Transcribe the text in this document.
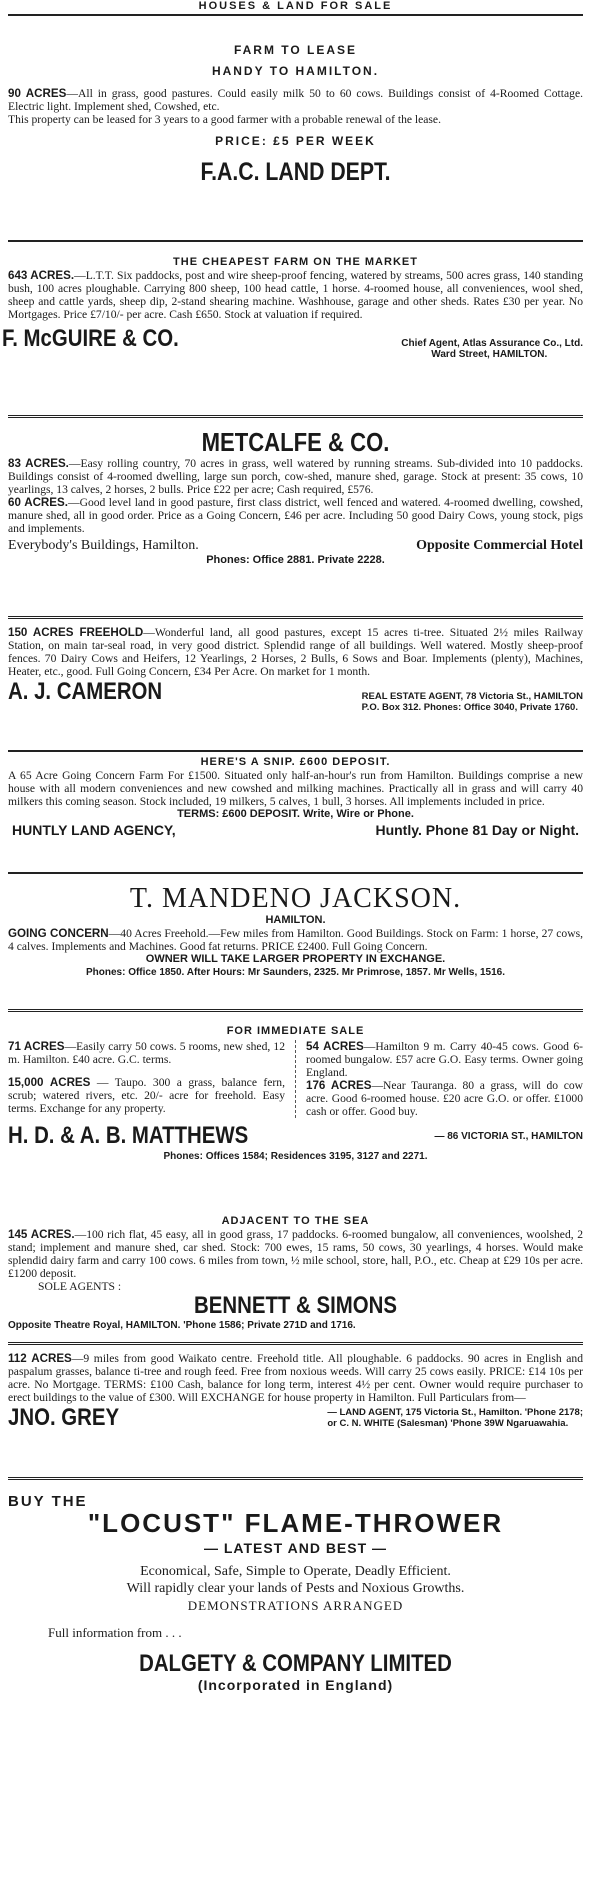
HOUSES & LAND FOR SALE
FARM TO LEASE
HANDY TO HAMILTON.
90 ACRES—All in grass, good pastures. Could easily milk 50 to 60 cows. Buildings consist of 4-Roomed Cottage. Electric light. Implement shed, Cowshed, etc.
This property can be leased for 3 years to a good farmer with a probable renewal of the lease.
PRICE: £5 PER WEEK
F.A.C. LAND DEPT.
THE CHEAPEST FARM ON THE MARKET
643 ACRES.—L.T.T. Six paddocks, post and wire sheep-proof fencing, watered by streams, 500 acres grass, 140 standing bush, 100 acres ploughable. Carrying 800 sheep, 100 head cattle, 1 horse. 4-roomed house, all conveniences, wool shed, sheep and cattle yards, sheep dip, 2-stand shearing machine. Washhouse, garage and other sheds. Rates £30 per year. No Mortgages. Price £7/10/- per acre. Cash £650. Stock at valuation if required.
F. McGUIRE & CO.	Chief Agent, Atlas Assurance Co., Ltd.
Ward Street, HAMILTON.
METCALFE & CO.
83 ACRES.—Easy rolling country, 70 acres in grass, well watered by running streams. Sub-divided into 10 paddocks. Buildings consist of 4-roomed dwelling, large sun porch, cow-shed, manure shed, garage. Stock at present: 35 cows, 10 yearlings, 13 calves, 2 horses, 2 bulls. Price £22 per acre; Cash required, £576.
60 ACRES.—Good level land in good pasture, first class district, well fenced and watered. 4-roomed dwelling, cowshed, manure shed, all in good order. Price as a Going Concern, £46 per acre. Including 50 good Dairy Cows, young stock, pigs and implements.
Everybody's Buildings, Hamilton.	Opposite Commercial Hotel
Phones: Office 2881. Private 2228.
150 ACRES FREEHOLD—Wonderful land, all good pastures, except 15 acres ti-tree. Situated 2½ miles Railway Station, on main tar-seal road, in very good district. Splendid range of all buildings. Well watered. Mostly sheep-proof fences. 70 Dairy Cows and Heifers, 12 Yearlings, 2 Horses, 2 Bulls, 6 Sows and Boar. Implements (plenty), Machines, Heater, etc., good. Full Going Concern, £34 Per Acre. On market for 1 month.
A. J. CAMERON	REAL ESTATE AGENT, 78 Victoria St., HAMILTON
P.O. Box 312. Phones: Office 3040, Private 1760.
HERE'S A SNIP. £600 DEPOSIT.
A 65 Acre Going Concern Farm For £1500. Situated only half-an-hour's run from Hamilton. Buildings comprise a new house with all modern conveniences and new cowshed and milking machines. Practically all in grass and will carry 40 milkers this coming season. Stock included, 19 milkers, 5 calves, 1 bull, 3 horses. All implements included in price.
TERMS: £600 DEPOSIT. Write, Wire or Phone.
HUNTLY LAND AGENCY,	Huntly. Phone 81 Day or Night.
T. MANDENO JACKSON.
HAMILTON.
GOING CONCERN—40 Acres Freehold.—Few miles from Hamilton. Good Buildings. Stock on Farm: 1 horse, 27 cows, 4 calves. Implements and Machines. Good fat returns. PRICE £2400. Full Going Concern.
OWNER WILL TAKE LARGER PROPERTY IN EXCHANGE.
Phones: Office 1850. After Hours: Mr Saunders, 2325. Mr Primrose, 1857. Mr Wells, 1516.
FOR IMMEDIATE SALE
71 ACRES—Easily carry 50 cows. 5 rooms, new shed, 12 m. Hamilton. £40 acre. G.C. terms.
15,000 ACRES — Taupo. 300 a grass, balance fern, scrub; watered rivers, etc. 20/- acre for freehold. Easy terms. Exchange for any property.
54 ACRES—Hamilton 9 m. Carry 40-45 cows. Good 6-roomed bungalow. £57 acre G.O. Easy terms. Owner going England.
176 ACRES—Near Tauranga. 80 a grass, will do cow acre. Good 6-roomed house. £20 acre G.O. or offer. £1000 cash or offer. Good buy.
H. D. & A. B. MATTHEWS	— 86 VICTORIA ST., HAMILTON
Phones: Offices 1584; Residences 3195, 3127 and 2271.
ADJACENT TO THE SEA
145 ACRES.—100 rich flat, 45 easy, all in good grass, 17 paddocks. 6-roomed bungalow, all conveniences, woolshed, 2 stand; implement and manure shed, car shed. Stock: 700 ewes, 15 rams, 50 cows, 30 yearlings, 4 horses. Would make splendid dairy farm and carry 100 cows. 6 miles from town, ½ mile school, store, hall, P.O., etc. Cheap at £29 10s per acre. £1200 deposit.
SOLE AGENTS :
BENNETT & SIMONS
Opposite Theatre Royal, HAMILTON. 'Phone 1586; Private 271D and 1716.
112 ACRES—9 miles from good Waikato centre. Freehold title. All ploughable. 6 paddocks. 90 acres in English and paspalum grasses, balance ti-tree and rough feed. Free from noxious weeds. Will carry 25 cows easily. PRICE: £14 10s per acre. No Mortgage. TERMS: £100 Cash, balance for long term, interest 4½ per cent. Owner would require purchaser to erect buildings to the value of £300. Will EXCHANGE for house property in Hamilton. Full Particulars from—
JNO. GREY	— LAND AGENT, 175 Victoria St., Hamilton. 'Phone 2178;
or C. N. WHITE (Salesman) 'Phone 39W Ngaruawahia.
BUY THE
"LOCUST" FLAME-THROWER
— LATEST AND BEST —
Economical, Safe, Simple to Operate, Deadly Efficient.
Will rapidly clear your lands of Pests and Noxious Growths.
DEMONSTRATIONS ARRANGED
Full information from . . .
DALGETY & COMPANY LIMITED
(Incorporated in England)
